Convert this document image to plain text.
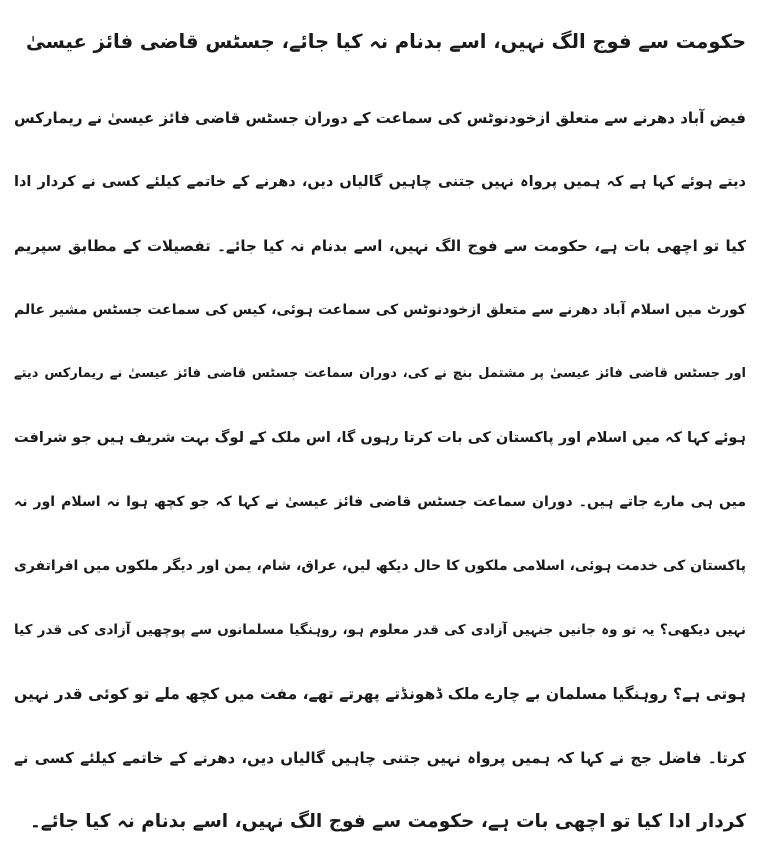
حکومت سے فوج الگ نہیں، اسے بدنام نہ کیا جائے، جسٹس قاضی فائز عیسیٰ
فیض آباد دھرنے سے متعلق ازخودنوٹس کی سماعت کے دوران جسٹس قاضی فائز عیسیٰ نے ریمارکس
دیتے ہوئے کہا ہے کہ ہمیں پرواہ نہیں جتنی چاہیں گالیاں دیں، دھرنے کے خاتمے کیلئے کسی نے کردار ادا
کیا تو اچھی بات ہے، حکومت سے فوج الگ نہیں، اسے بدنام نہ کیا جائے۔ تفصیلات کے مطابق سپریم
کورٹ میں اسلام آباد دھرنے سے متعلق ازخودنوٹس کی سماعت ہوئی، کیس کی سماعت جسٹس مشیر عالم
اور جسٹس قاضی فائز عیسیٰ پر مشتمل بنچ نے کی، دوران سماعت جسٹس قاضی فائز عیسیٰ نے ریمارکس دیتے
ہوئے کہا کہ میں اسلام اور پاکستان کی بات کرتا رہوں گا، اس ملک کے لوگ بہت شریف ہیں جو شرافت
میں ہی مارے جاتے ہیں۔ دوران سماعت جسٹس قاضی فائز عیسیٰ نے کہا کہ جو کچھ ہوا نہ اسلام اور نہ
پاکستان کی خدمت ہوئی، اسلامی ملکوں کا حال دیکھ لیں، عراق، شام، یمن اور دیگر ملکوں میں افراتفری
نہیں دیکھی؟ یہ تو وہ جانیں جنہیں آزادی کی قدر معلوم ہو، روہنگیا مسلمانوں سے پوچھیں آزادی کی قدر کیا
ہوتی ہے؟ روہنگیا مسلمان بے چارے ملک ڈھونڈتے پھرتے تھے، مفت میں کچھ ملے تو کوئی قدر نہیں
کرتا۔ فاضل جج نے کہا کہ ہمیں پرواہ نہیں جتنی چاہیں گالیاں دیں، دھرنے کے خاتمے کیلئے کسی نے
کردار ادا کیا تو اچھی بات ہے، حکومت سے فوج الگ نہیں، اسے بدنام نہ کیا جائے۔
